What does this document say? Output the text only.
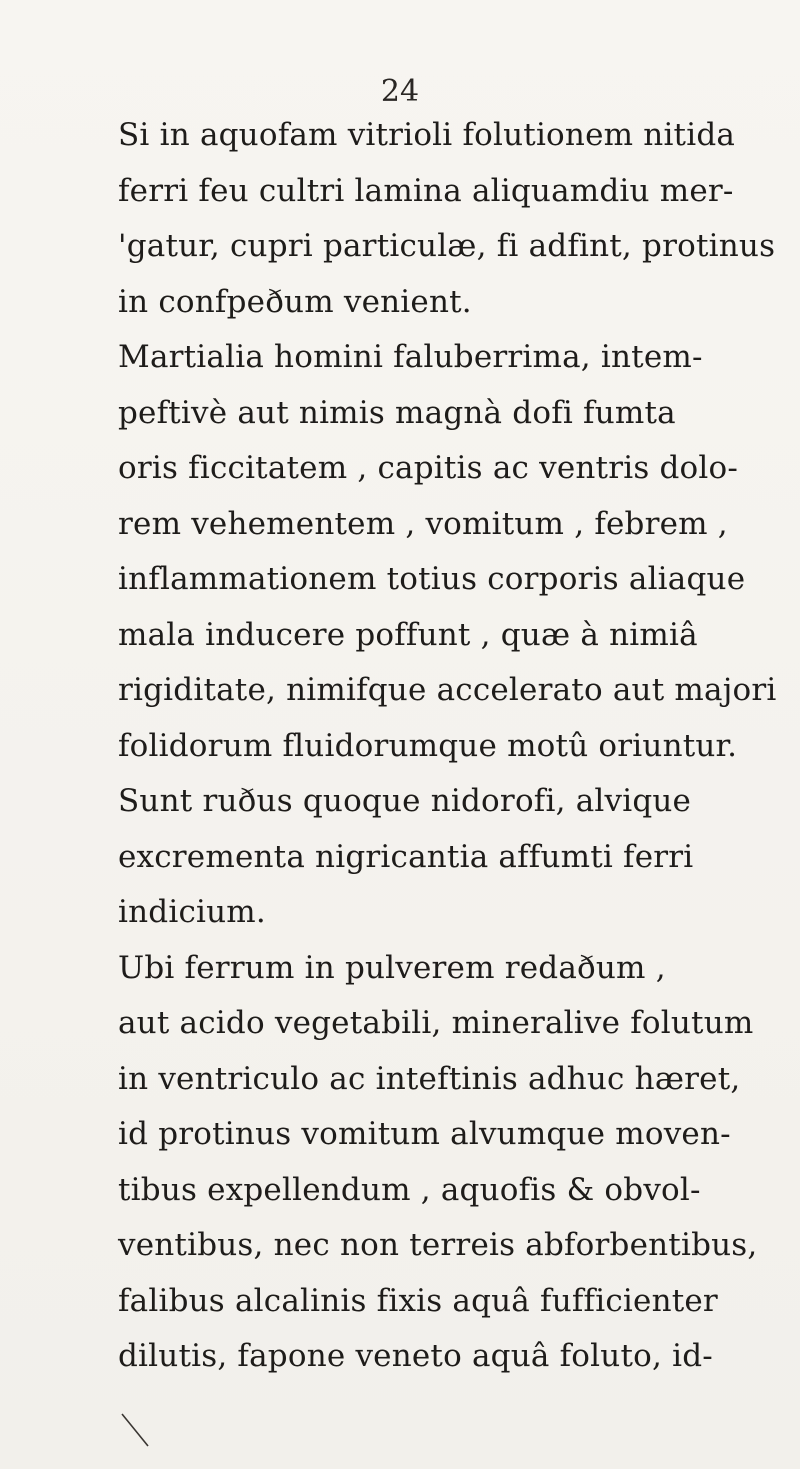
24
Si in aquofam vitrioli folutionem nitida
ferri feu cultri lamina aliquamdiu mer-
'gatur, cupri particulæ, fi adfint, protinus
in confpeðum venient.
Martialia homini faluberrima, intem-
peftivè aut nimis magnà dofi fumta
oris ficcitatem , capitis ac ventris dolo-
rem vehementem , vomitum , febrem ,
inflammationem totius corporis aliaque
mala inducere poffunt , quæ à nimiâ
rigiditate, nimifque accelerato aut majori
folidorum fluidorumque motû oriuntur.
Sunt ruðus quoque nidorofi, alvique
excrementa nigricantia affumti ferri
indicium.
Ubi ferrum in pulverem redaðum ,
aut acido vegetabili, mineralive folutum
in ventriculo ac inteftinis adhuc hæret,
id protinus vomitum alvumque moven-
tibus expellendum , aquofis & obvol-
ventibus, nec non terreis abforbentibus,
falibus alcalinis fixis aquâ fufficienter
dilutis, fapone veneto aquâ foluto, id-
